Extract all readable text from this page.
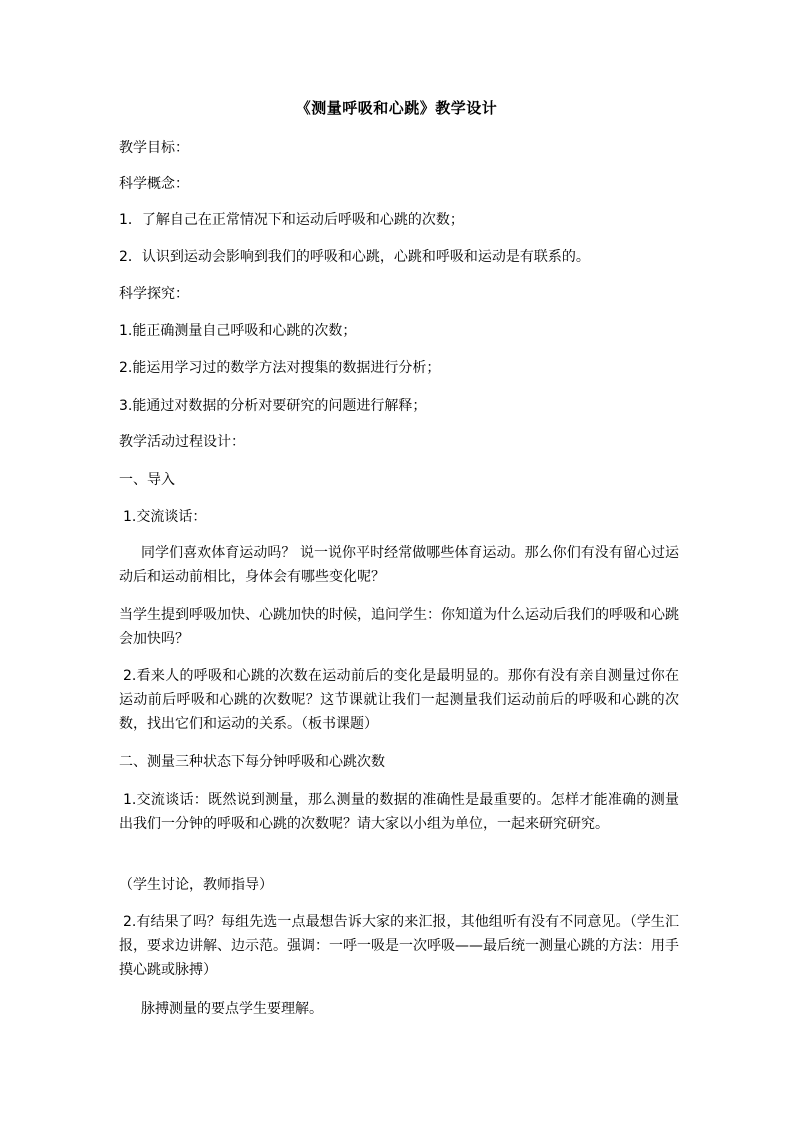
《测量呼吸和心跳》教学设计
教学目标：
科学概念：
1．了解自己在正常情况下和运动后呼吸和心跳的次数；
2．认识到运动会影响到我们的呼吸和心跳，心跳和呼吸和运动是有联系的。
科学探究：
1.能正确测量自己呼吸和心跳的次数；
2.能运用学习过的数学方法对搜集的数据进行分析；
3.能通过对数据的分析对要研究的问题进行解释；
教学活动过程设计：
一、导入
1.交流谈话：
同学们喜欢体育运动吗？ 说一说你平时经常做哪些体育运动。那么你们有没有留心过运动后和运动前相比，身体会有哪些变化呢？
当学生提到呼吸加快、心跳加快的时候，追问学生：你知道为什么运动后我们的呼吸和心跳会加快吗？
2.看来人的呼吸和心跳的次数在运动前后的变化是最明显的。那你有没有亲自测量过你在运动前后呼吸和心跳的次数呢？这节课就让我们一起测量我们运动前后的呼吸和心跳的次数，找出它们和运动的关系。（板书课题）
二、测量三种状态下每分钟呼吸和心跳次数
1.交流谈话：既然说到测量，那么测量的数据的准确性是最重要的。怎样才能准确的测量出我们一分钟的呼吸和心跳的次数呢？请大家以小组为单位，一起来研究研究。
（学生讨论，教师指导）
2.有结果了吗？每组先选一点最想告诉大家的来汇报，其他组听有没有不同意见。（学生汇报，要求边讲解、边示范。强调：一呼一吸是一次呼吸——最后统一测量心跳的方法：用手摸心跳或脉搏）
脉搏测量的要点学生要理解。
